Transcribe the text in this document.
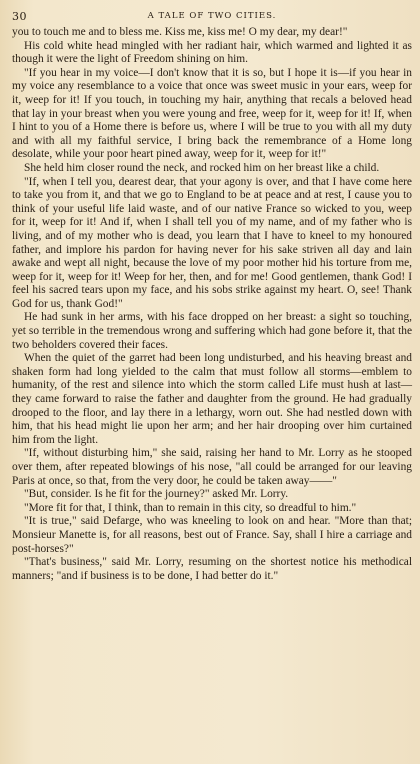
30	A TALE OF TWO CITIES.

you to touch me and to bless me. Kiss me, kiss me! O my dear, my dear!"

His cold white head mingled with her radiant hair, which warmed and lighted it as though it were the light of Freedom shining on him.

"If you hear in my voice—I don't know that it is so, but I hope it is—if you hear in my voice any resemblance to a voice that once was sweet music in your ears, weep for it, weep for it! If you touch, in touching my hair, anything that recals a beloved head that lay in your breast when you were young and free, weep for it, weep for it! If, when I hint to you of a Home there is before us, where I will be true to you with all my duty and with all my faithful service, I bring back the remembrance of a Home long desolate, while your poor heart pined away, weep for it, weep for it!"

She held him closer round the neck, and rocked him on her breast like a child.

"If, when I tell you, dearest dear, that your agony is over, and that I have come here to take you from it, and that we go to England to be at peace and at rest, I cause you to think of your useful life laid waste, and of our native France so wicked to you, weep for it, weep for it! And if, when I shall tell you of my name, and of my father who is living, and of my mother who is dead, you learn that I have to kneel to my honoured father, and implore his pardon for having never for his sake striven all day and lain awake and wept all night, because the love of my poor mother hid his torture from me, weep for it, weep for it! Weep for her, then, and for me! Good gentlemen, thank God! I feel his sacred tears upon my face, and his sobs strike against my heart. O, see! Thank God for us, thank God!"

He had sunk in her arms, with his face dropped on her breast: a sight so touching, yet so terrible in the tremendous wrong and suffering which had gone before it, that the two beholders covered their faces.

When the quiet of the garret had been long undisturbed, and his heaving breast and shaken form had long yielded to the calm that must follow all storms—emblem to humanity, of the rest and silence into which the storm called Life must hush at last—they came forward to raise the father and daughter from the ground. He had gradually drooped to the floor, and lay there in a lethargy, worn out. She had nestled down with him, that his head might lie upon her arm; and her hair drooping over him curtained him from the light.

"If, without disturbing him," she said, raising her hand to Mr. Lorry as he stooped over them, after repeated blowings of his nose, "all could be arranged for our leaving Paris at once, so that, from the very door, he could be taken away——"

"But, consider. Is he fit for the journey?" asked Mr. Lorry.

"More fit for that, I think, than to remain in this city, so dreadful to him."

"It is true," said Defarge, who was kneeling to look on and hear. "More than that; Monsieur Manette is, for all reasons, best out of France. Say, shall I hire a carriage and post-horses?"

"That's business," said Mr. Lorry, resuming on the shortest notice his methodical manners; "and if business is to be done, I had better do it."
